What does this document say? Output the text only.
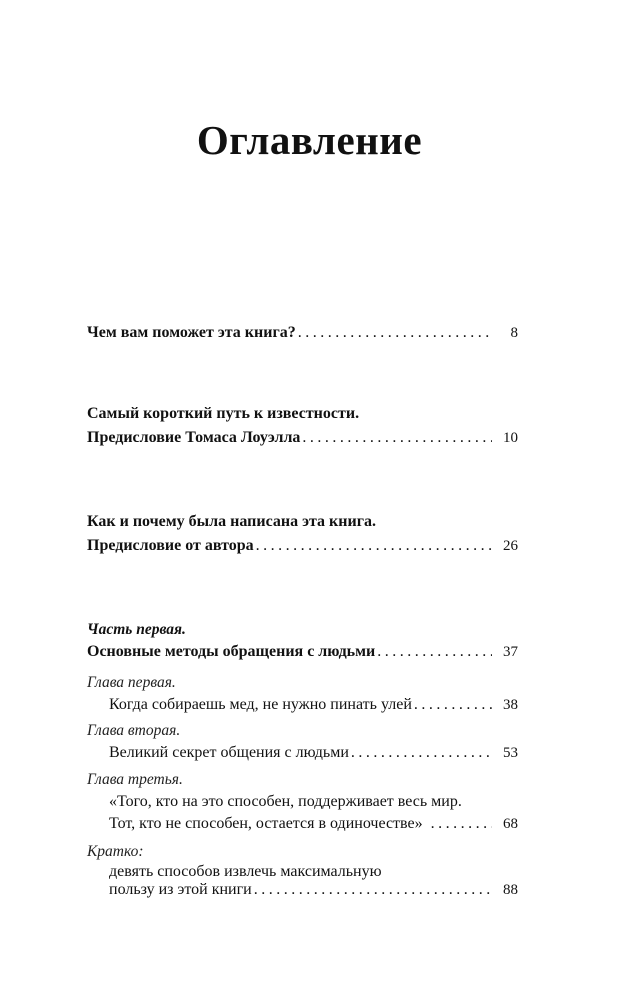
Оглавление
Чем вам поможет эта книга? . . .	8
Самый короткий путь к известности.
Предисловие Томаса Лоуэлла . . .	10
Как и почему была написана эта книга.
Предисловие от автора . . .	26
Часть первая.
Основные методы обращения с людьми . . .	37
Глава первая.
Когда собираешь мед, не нужно пинать улей . . .	38
Глава вторая.
Великий секрет общения с людьми . . .	53
Глава третья.
«Того, кто на это способен, поддерживает весь мир.
Тот, кто не способен, остается в одиночестве» . . .	68
Кратко:
девять способов извлечь максимальную
пользу из этой книги . . .	88
